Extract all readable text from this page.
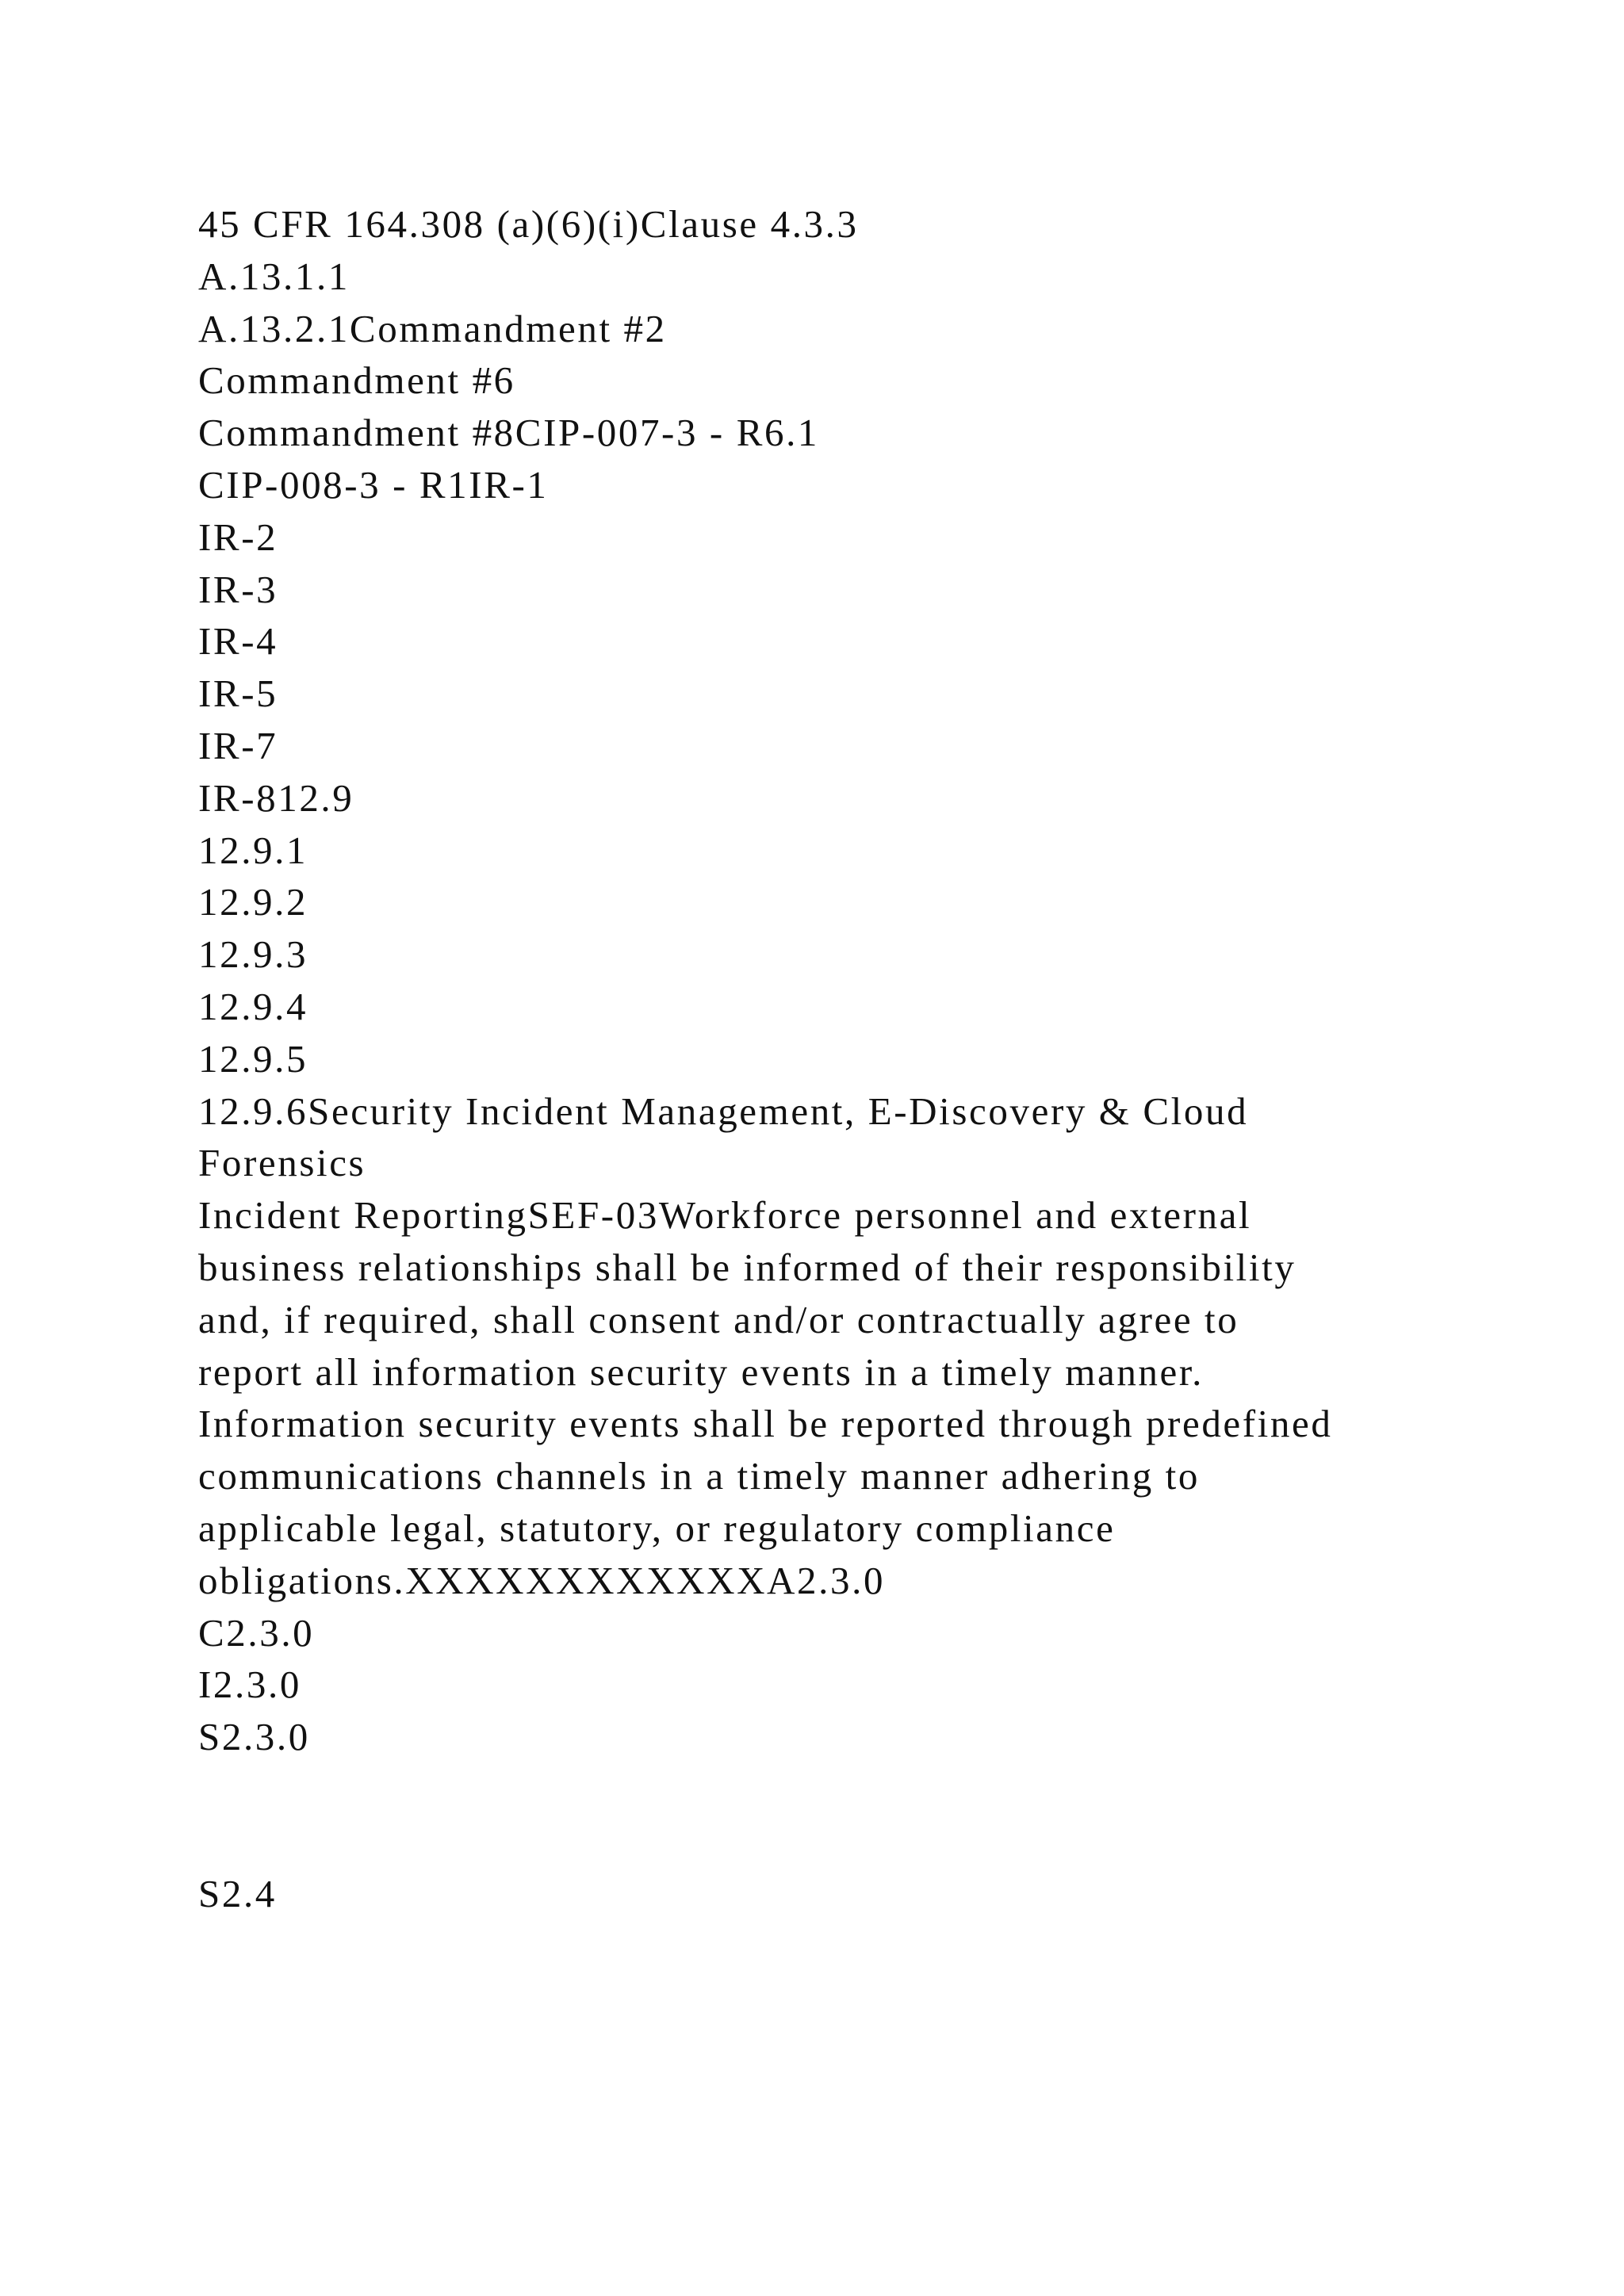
45 CFR 164.308 (a)(6)(i)Clause 4.3.3
A.13.1.1
A.13.2.1Commandment #2
Commandment #6
Commandment #8CIP-007-3 - R6.1
CIP-008-3 - R1IR-1
IR-2
IR-3
IR-4
IR-5
IR-7
IR-812.9
12.9.1
12.9.2
12.9.3
12.9.4
12.9.5
12.9.6Security Incident Management, E-Discovery & Cloud
Forensics
Incident ReportingSEF-03Workforce personnel and external
business relationships shall be informed of their responsibility
and, if required, shall consent and/or contractually agree to
report all information security events in a timely manner.
Information security events shall be reported through predefined
communications channels in a timely manner adhering to
applicable legal, statutory, or regulatory compliance
obligations.XXXXXXXXXXXXA2.3.0
C2.3.0
I2.3.0
S2.3.0
S2.4
